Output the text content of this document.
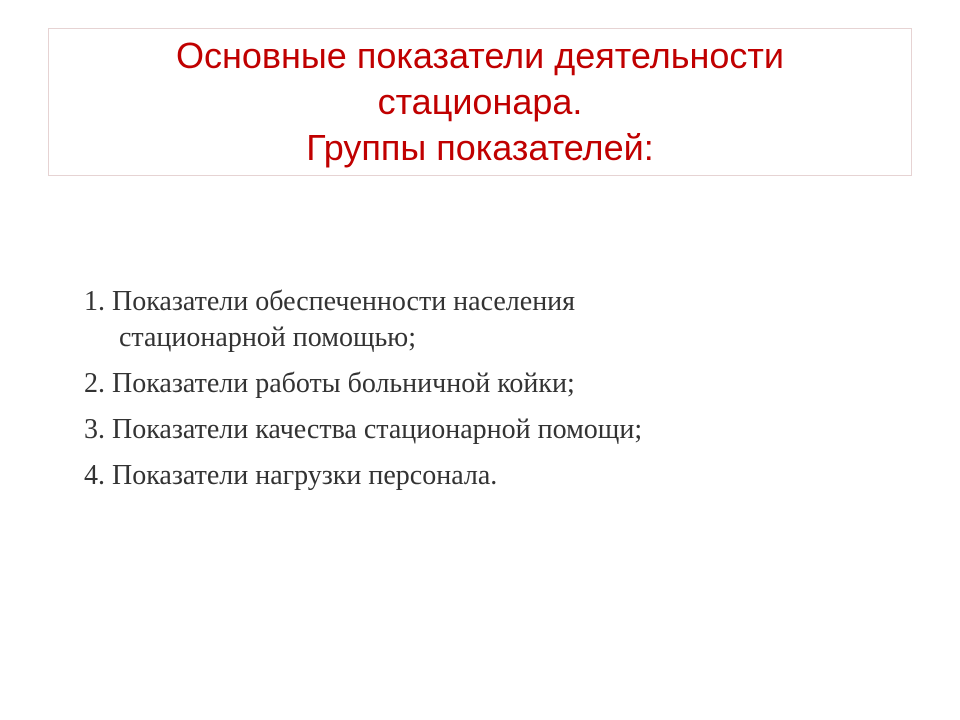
Основные показатели деятельности
стационара.
Группы показателей:
1. Показатели обеспеченности населения
стационарной помощью;
2. Показатели работы больничной койки;
3. Показатели качества стационарной помощи;
4. Показатели нагрузки персонала.
